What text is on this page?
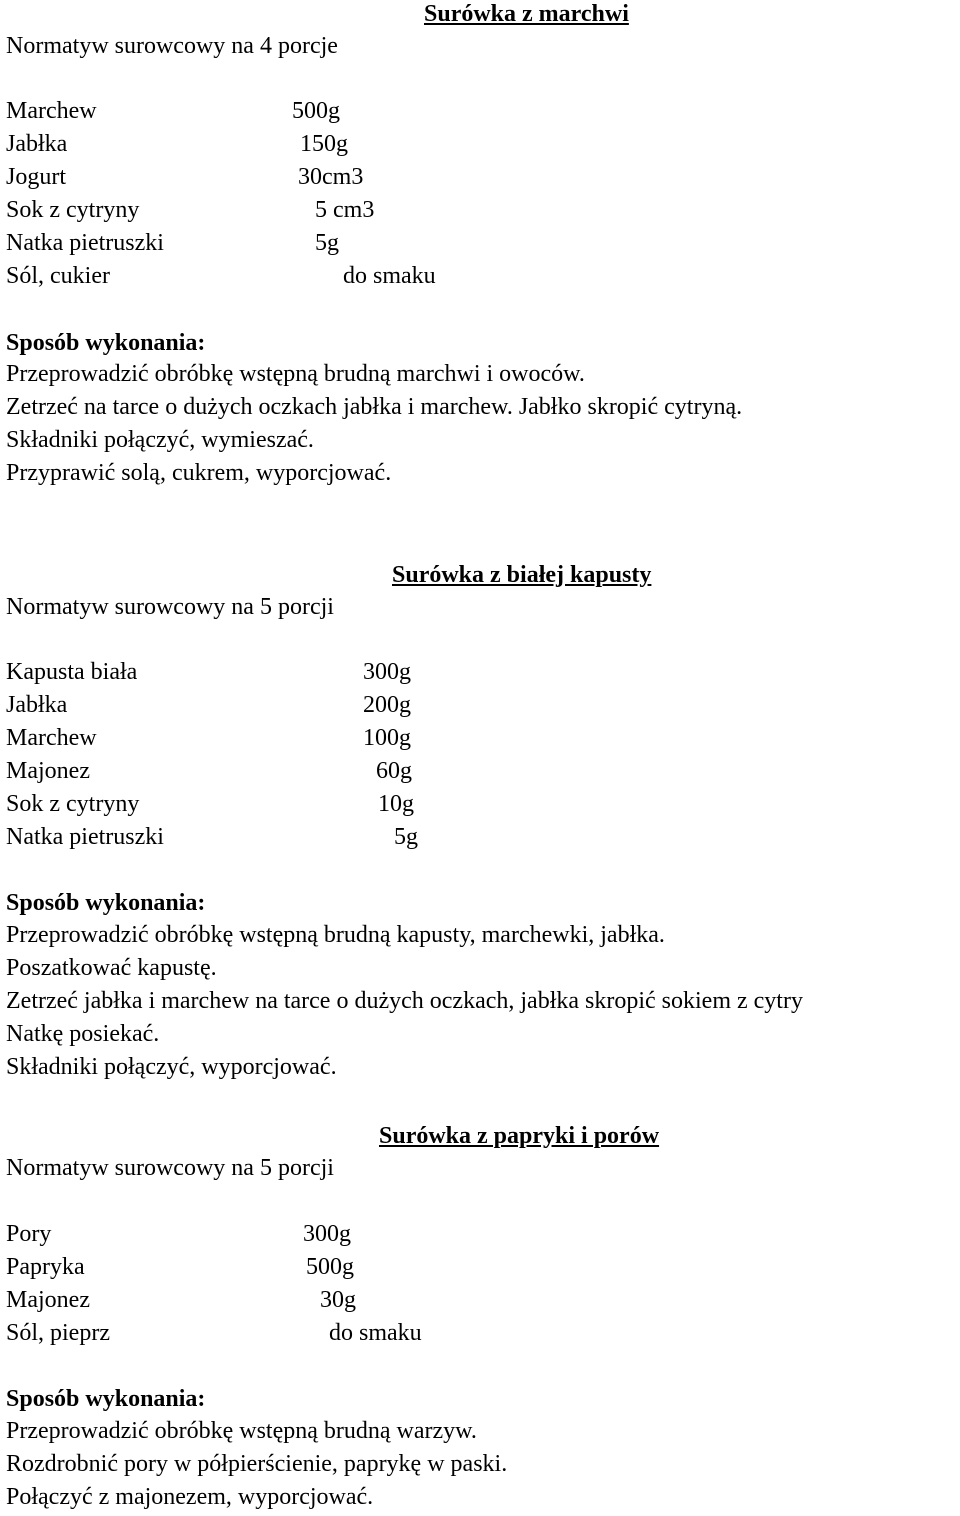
Surówka z marchwi
Normatyw surowcowy na 4 porcje
Marchew	500g
Jabłka	150g
Jogurt	30cm3
Sok z cytryny	5 cm3
Natka pietruszki	5g
Sól, cukier	do smaku
Sposób wykonania:
Przeprowadzić obróbkę wstępną brudną marchwi i owoców.
Zetrzeć na tarce o dużych oczkach jabłka i marchew. Jabłko skropić cytryną.
Składniki połączyć, wymieszać.
Przyprawić solą, cukrem, wyporcjować.
Surówka z białej kapusty
Normatyw surowcowy na 5 porcji
Kapusta biała	300g
Jabłka	200g
Marchew	100g
Majonez	60g
Sok z cytryny	10g
Natka pietruszki	5g
Sposób wykonania:
Przeprowadzić obróbkę wstępną brudną kapusty, marchewki, jabłka.
Poszatkować kapustę.
Zetrzeć jabłka i marchew na tarce o dużych oczkach, jabłka skropić sokiem z cytry
Natkę posiekać.
Składniki połączyć, wyporcjować.
Surówka z papryki i porów
Normatyw surowcowy na 5 porcji
Pory	300g
Papryka	500g
Majonez	30g
Sól, pieprz	do smaku
Sposób wykonania:
Przeprowadzić obróbkę wstępną brudną warzyw.
Rozdrobnić pory w półpierścienie, paprykę w paski.
Połączyć z majonezem, wyporcjować.
